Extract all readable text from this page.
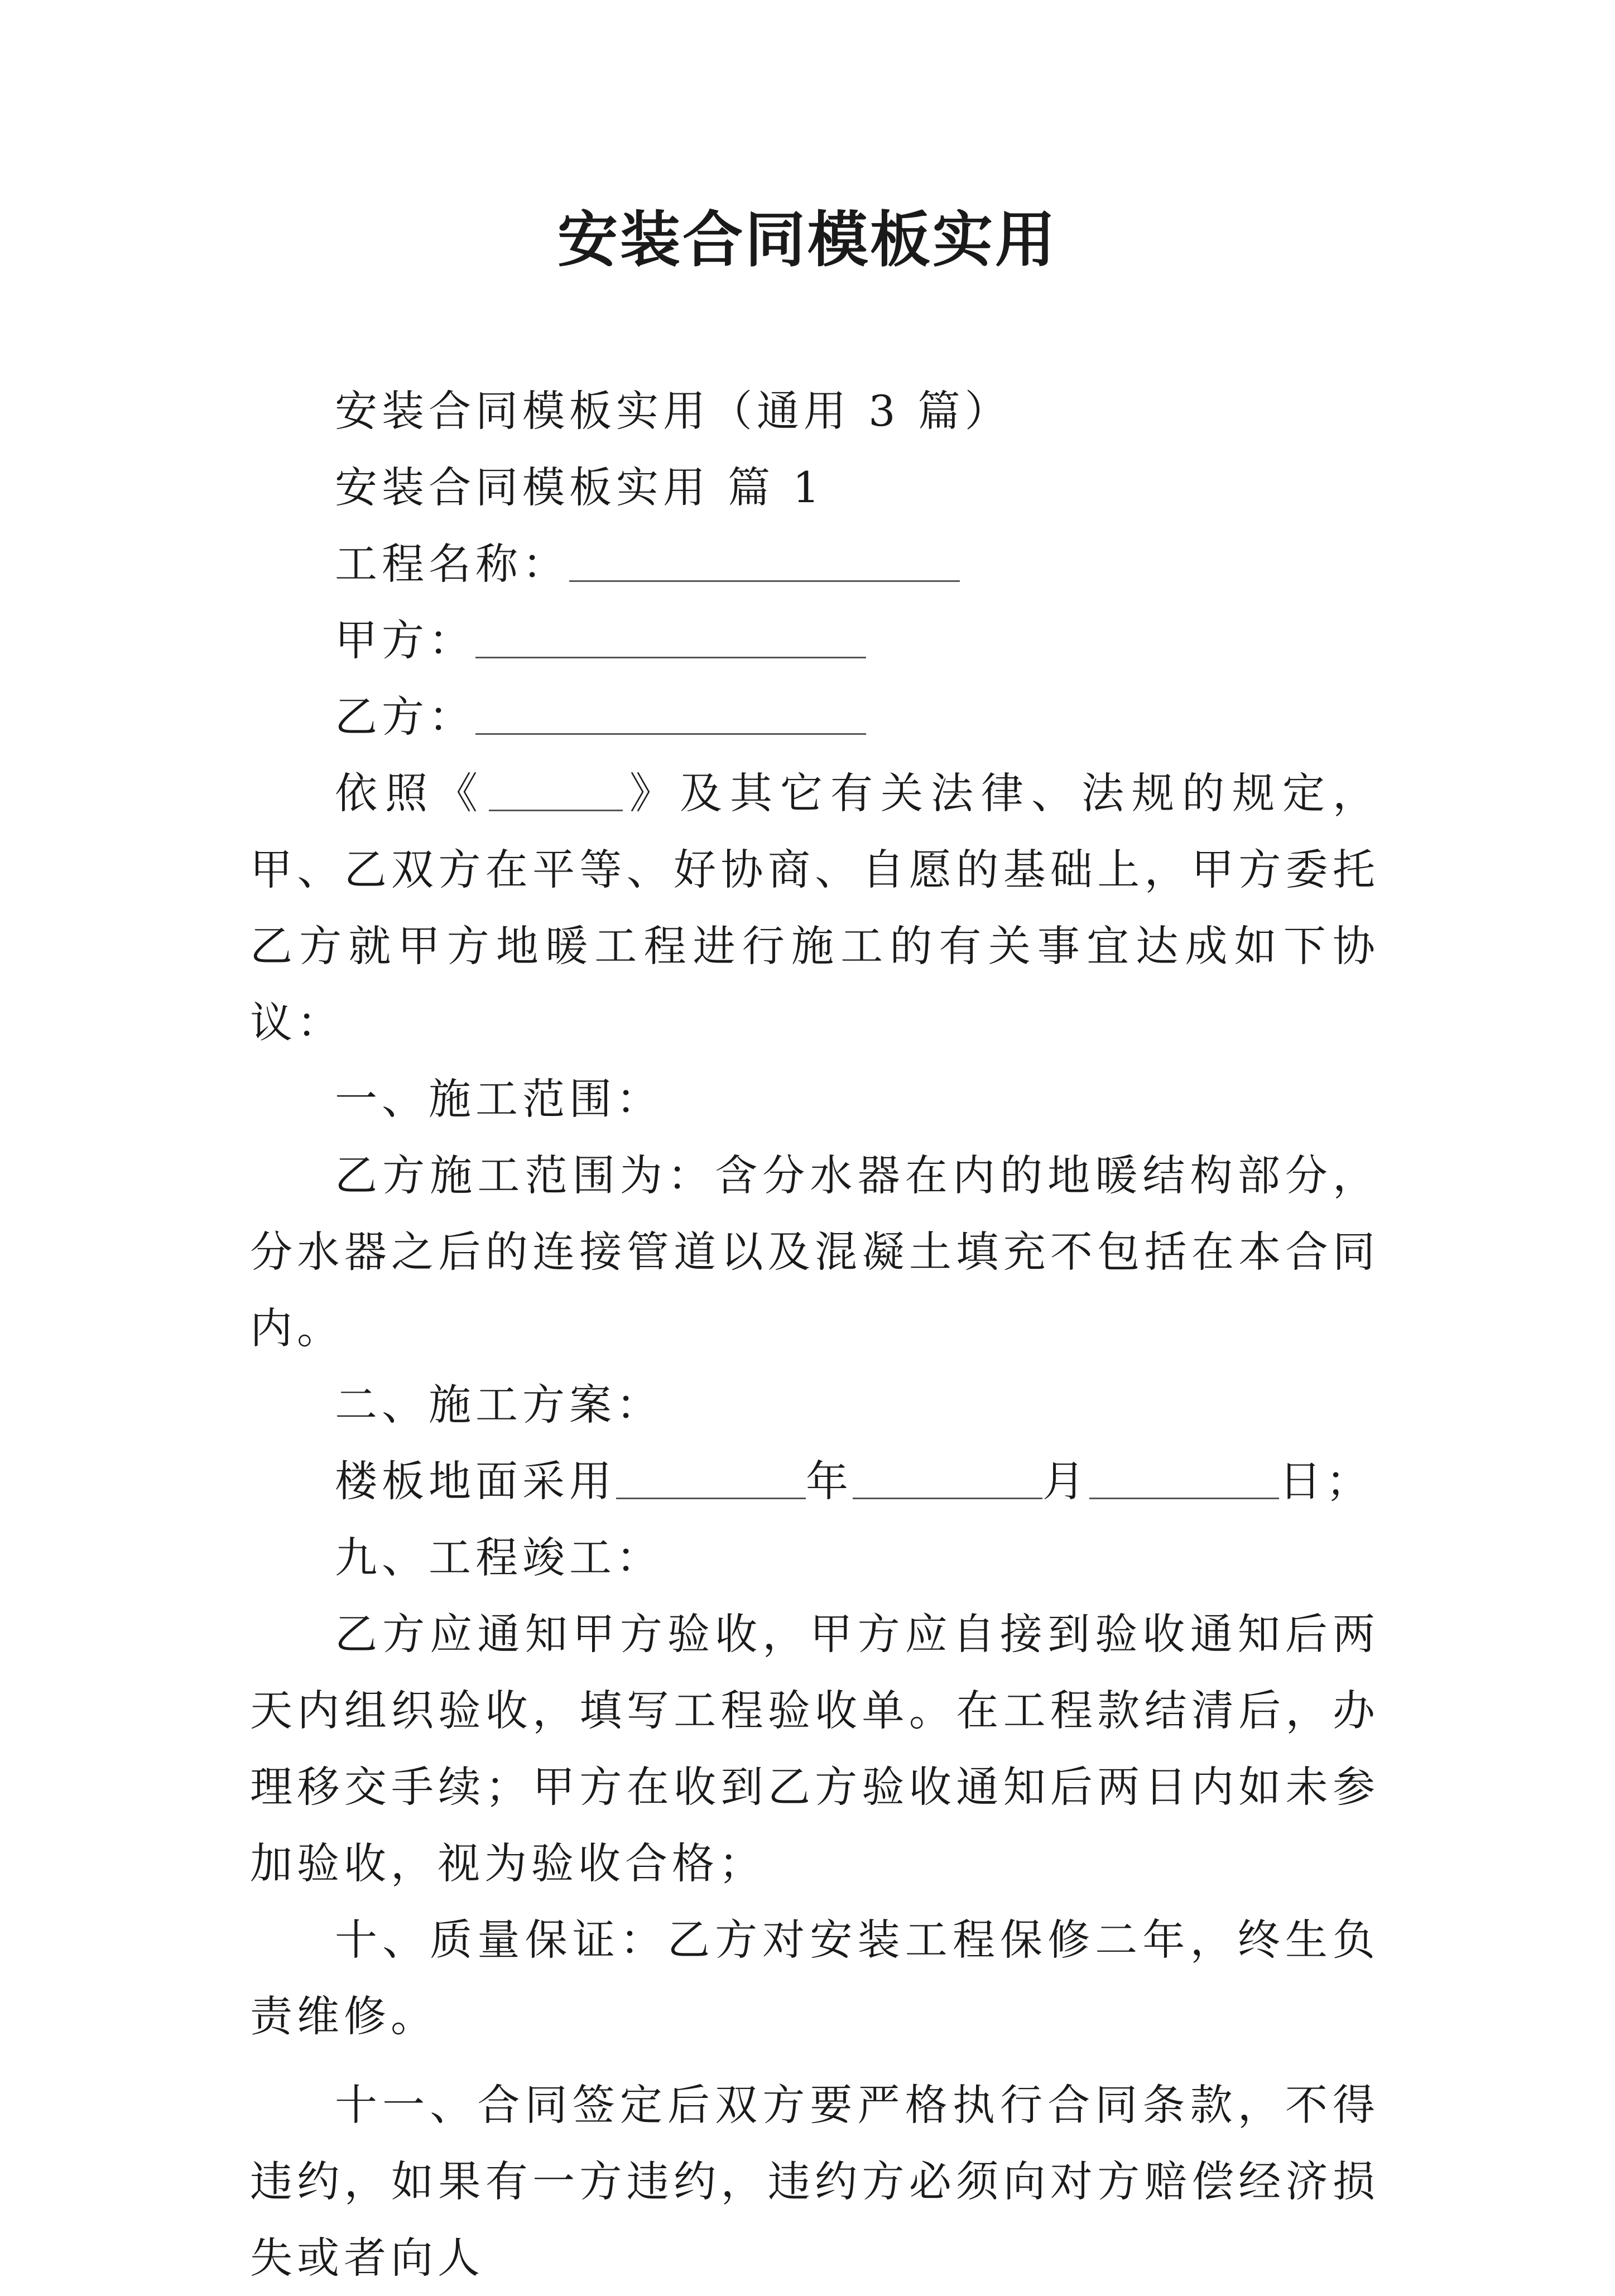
安装合同模板实用

安装合同模板实用（通用 3 篇）

安装合同模板实用 篇 1

工程名称：

甲方：

乙方：

依照《	》及其它有关法律、法规的规定，甲、乙双方在平等、好协商、自愿的基础上，甲方委托乙方就甲方地暖工程进行施工的有关事宜达成如下协议：

一、施工范围：

乙方施工范围为：含分水器在内的地暖结构部分，分水器之后的连接管道以及混凝土填充不包括在本合同内。

二、施工方案：

楼板地面采用	年	月	日；

九、工程竣工：

乙方应通知甲方验收，甲方应自接到验收通知后两天内组织验收，填写工程验收单。在工程款结清后，办理移交手续；甲方在收到乙方验收通知后两日内如未参加验收，视为验收合格；

十、质量保证：乙方对安装工程保修二年，终生负责维修。

十一、合同签定后双方要严格执行合同条款，不得违约，如果有一方违约，违约方必须向对方赔偿经济损失或者向人
